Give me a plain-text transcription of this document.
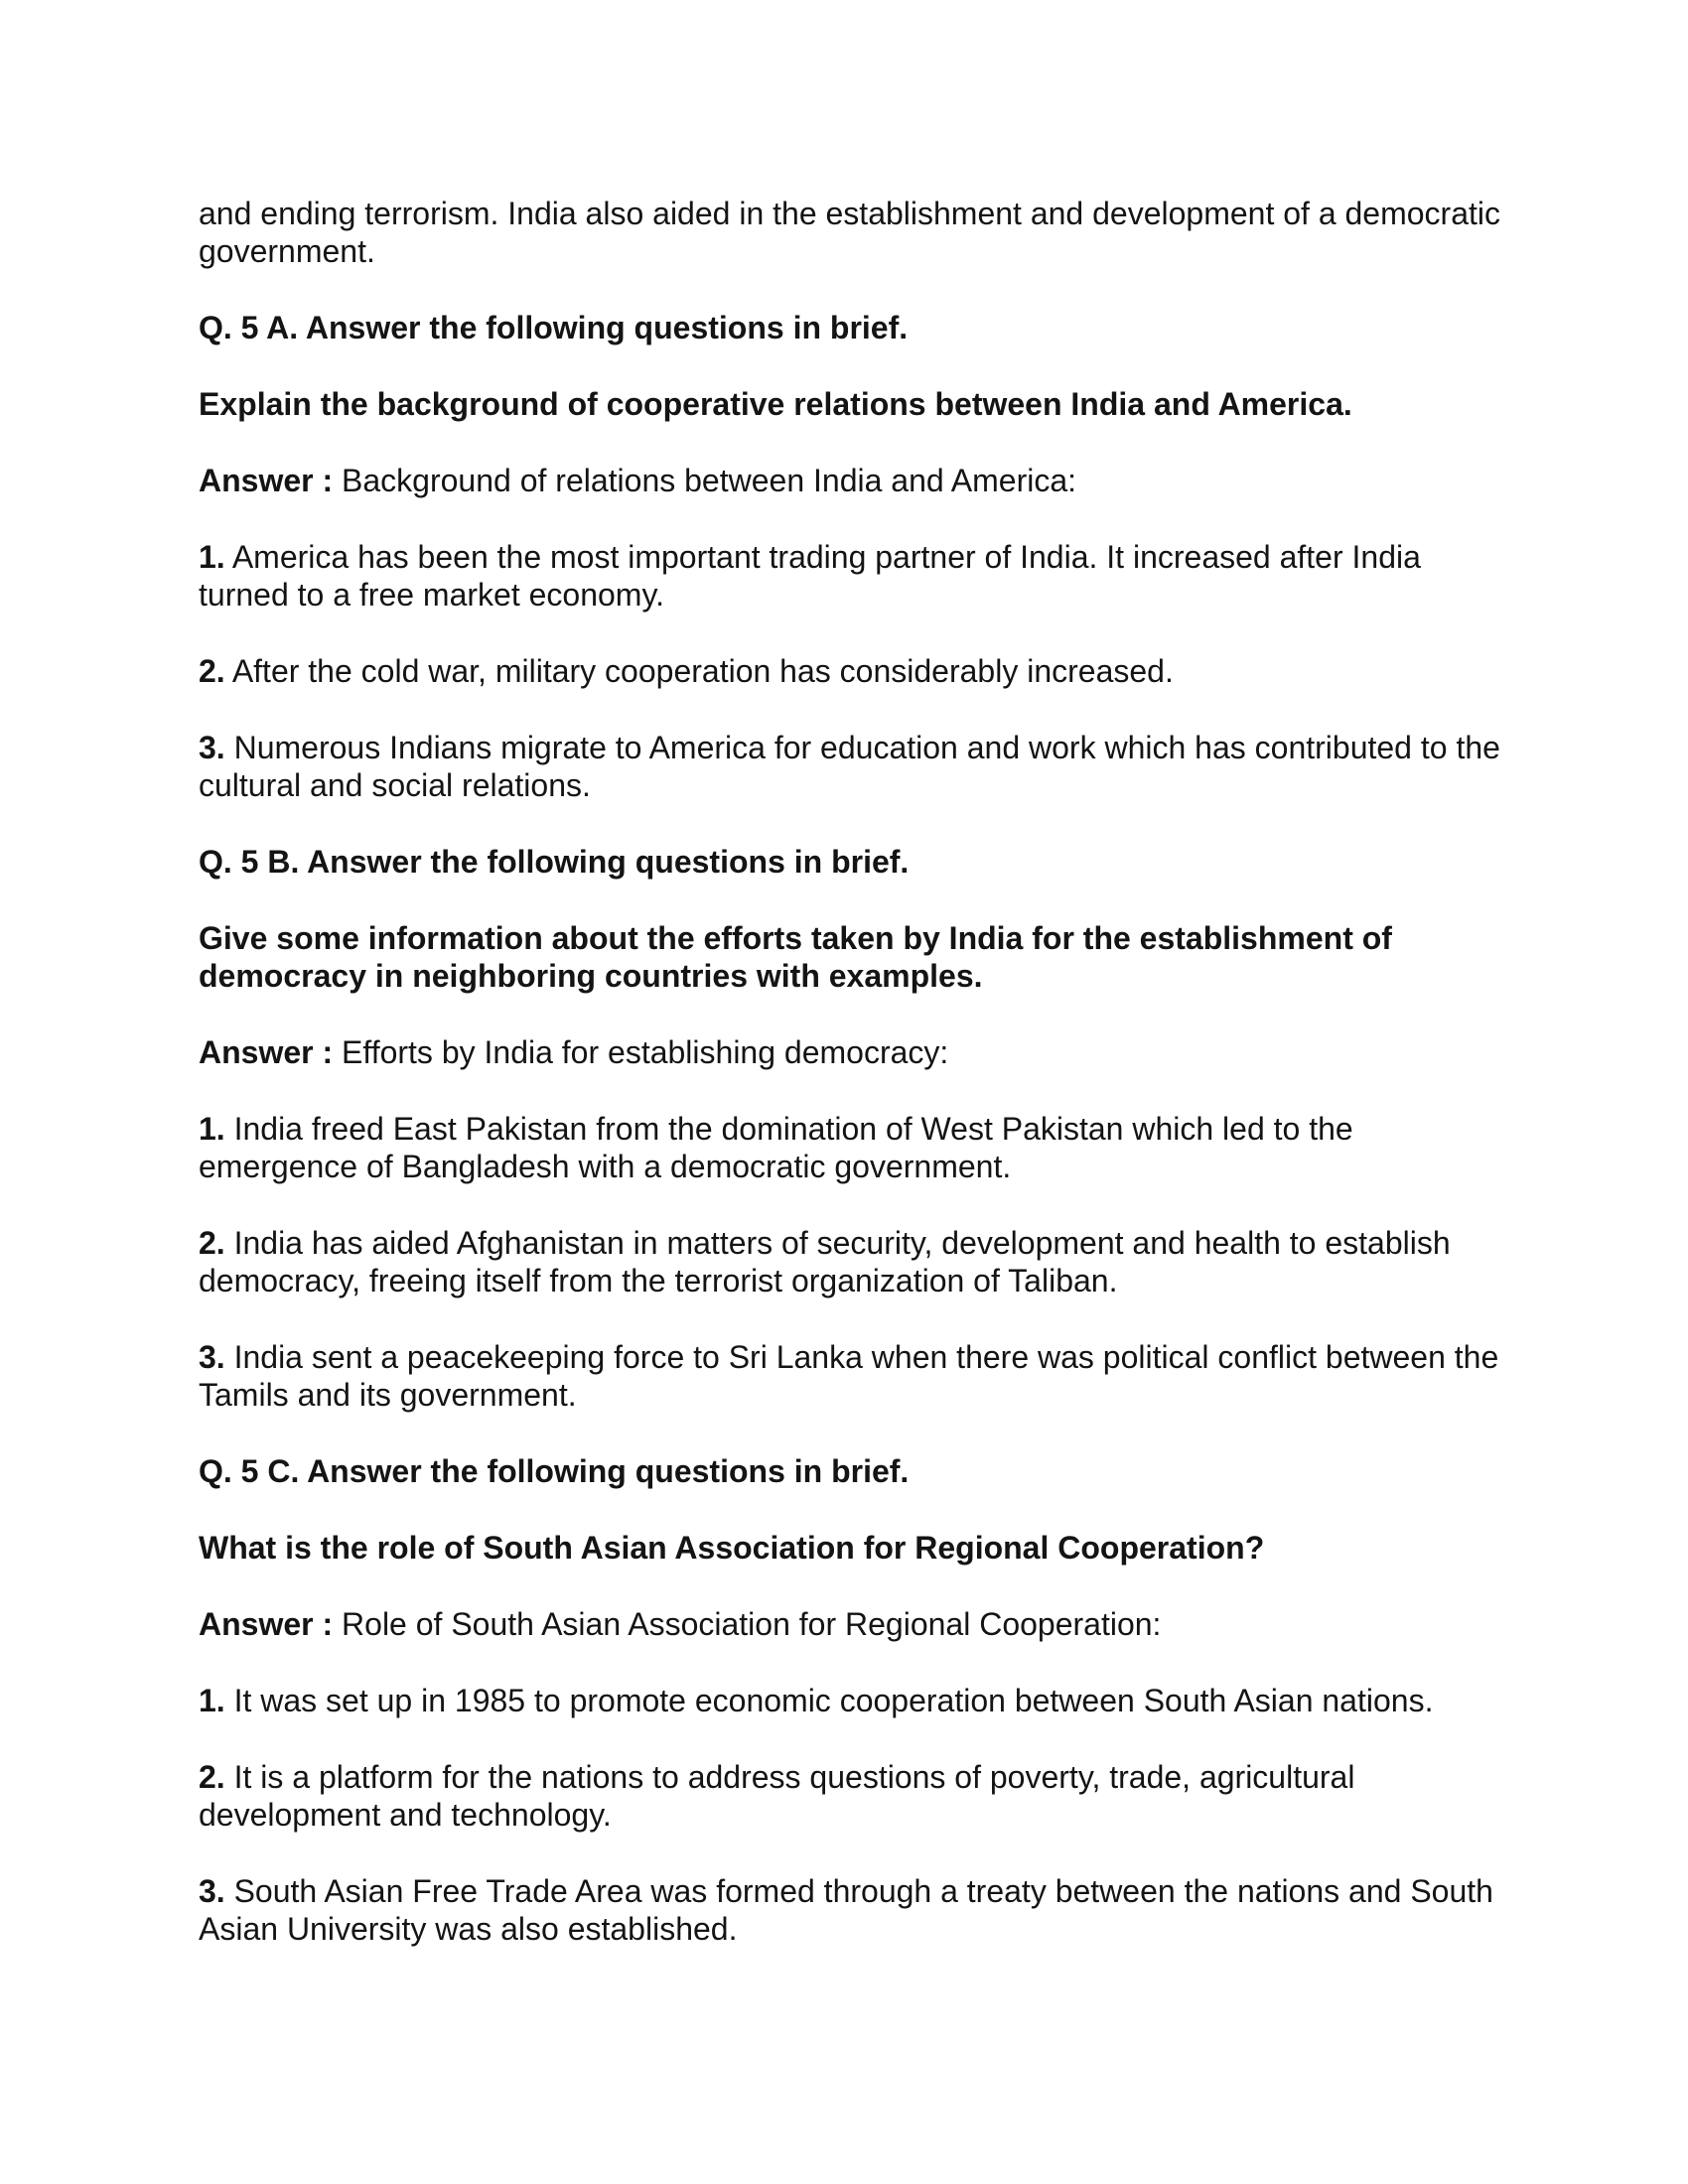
and ending terrorism. India also aided in the establishment and development of a democratic government.

Q. 5 A. Answer the following questions in brief.

Explain the background of cooperative relations between India and America.

Answer : Background of relations between India and America:

1. America has been the most important trading partner of India. It increased after India turned to a free market economy.

2. After the cold war, military cooperation has considerably increased.

3. Numerous Indians migrate to America for education and work which has contributed to the cultural and social relations.

Q. 5 B. Answer the following questions in brief.

Give some information about the efforts taken by India for the establishment of democracy in neighboring countries with examples.

Answer : Efforts by India for establishing democracy:

1. India freed East Pakistan from the domination of West Pakistan which led to the emergence of Bangladesh with a democratic government.

2. India has aided Afghanistan in matters of security, development and health to establish democracy, freeing itself from the terrorist organization of Taliban.

3. India sent a peacekeeping force to Sri Lanka when there was political conflict between the Tamils and its government.

Q. 5 C. Answer the following questions in brief.

What is the role of South Asian Association for Regional Cooperation?

Answer : Role of South Asian Association for Regional Cooperation:

1. It was set up in 1985 to promote economic cooperation between South Asian nations.

2. It is a platform for the nations to address questions of poverty, trade, agricultural development and technology.

3. South Asian Free Trade Area was formed through a treaty between the nations and South Asian University was also established.
